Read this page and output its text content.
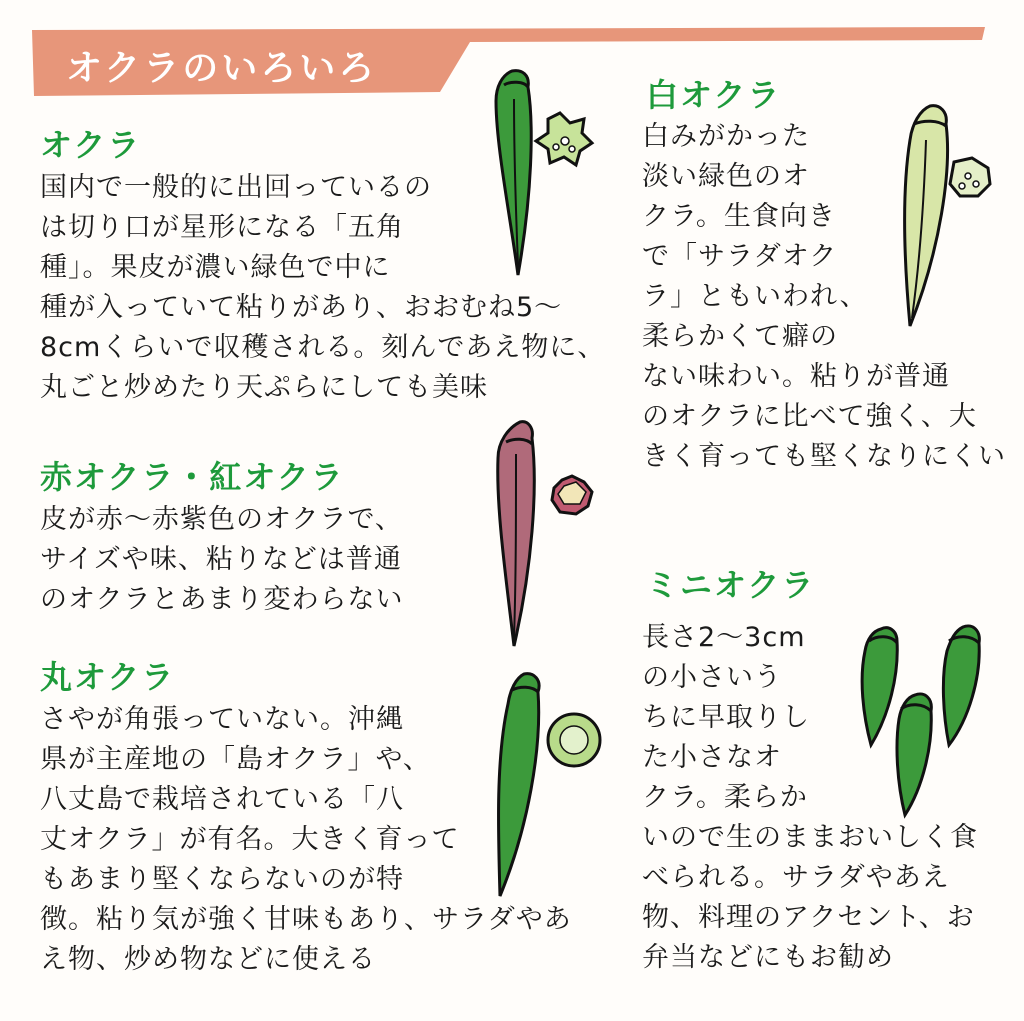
オクラのいろいろ
オクラ
国内で一般的に出回っているの
は切り口が星形になる「五角
種」。果皮が濃い緑色で中に
種が入っていて粘りがあり、おおむね5〜
8cmくらいで収穫される。刻んであえ物に、
丸ごと炒めたり天ぷらにしても美味
赤オクラ・紅オクラ
皮が赤〜赤紫色のオクラで、
サイズや味、粘りなどは普通
のオクラとあまり変わらない
丸オクラ
さやが角張っていない。沖縄
県が主産地の「島オクラ」や、
八丈島で栽培されている「八
丈オクラ」が有名。大きく育って
もあまり堅くならないのが特
徴。粘り気が強く甘味もあり、サラダやあ
え物、炒め物などに使える
白オクラ
白みがかった
淡い緑色のオ
クラ。生食向き
で「サラダオク
ラ」ともいわれ、
柔らかくて癖の
ない味わい。粘りが普通
のオクラに比べて強く、大
きく育っても堅くなりにくい
ミニオクラ
長さ2〜3cm
の小さいう
ちに早取りし
た小さなオ
クラ。柔らか
いので生のままおいしく食
べられる。サラダやあえ
物、料理のアクセント、お
弁当などにもお勧め
